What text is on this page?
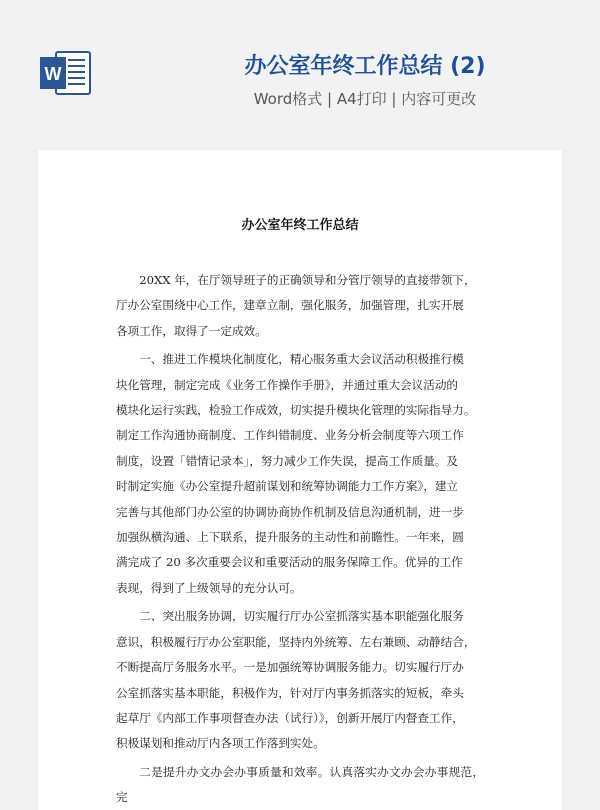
W	办公室年终工作总结 (2)
Word格式 | A4打印 | 内容可更改
办公室年终工作总结

20XX 年，在厅领导班子的正确领导和分管厅领导的直接带领下，
厅办公室围绕中心工作，建章立制，强化服务，加强管理，扎实开展
各项工作，取得了一定成效。

一、推进工作模块化制度化，精心服务重大会议活动积极推行模
块化管理，制定完成《业务工作操作手册》，并通过重大会议活动的
模块化运行实践，检验工作成效，切实提升模块化管理的实际指导力。
制定工作沟通协商制度、工作纠错制度、业务分析会制度等六项工作
制度，设置「错情记录本」，努力减少工作失误，提高工作质量。及
时制定实施《办公室提升超前谋划和统筹协调能力工作方案》，建立
完善与其他部门办公室的协调协商协作机制及信息沟通机制，进一步
加强纵横沟通、上下联系，提升服务的主动性和前瞻性。一年来，圆
满完成了 20 多次重要会议和重要活动的服务保障工作。优异的工作
表现，得到了上级领导的充分认可。

二、突出服务协调，切实履行厅办公室抓落实基本职能强化服务
意识，积极履行厅办公室职能，坚持内外统筹、左右兼顾、动静结合，
不断提高厅务服务水平。一是加强统筹协调服务能力。切实履行厅办
公室抓落实基本职能，积极作为，针对厅内事务抓落实的短板，牵头
起草厅《内部工作事项督查办法（试行）》，创新开展厅内督查工作，
积极谋划和推动厅内各项工作落到实处。

二是提升办文办会办事质量和效率。认真落实办文办会办事规范，完
